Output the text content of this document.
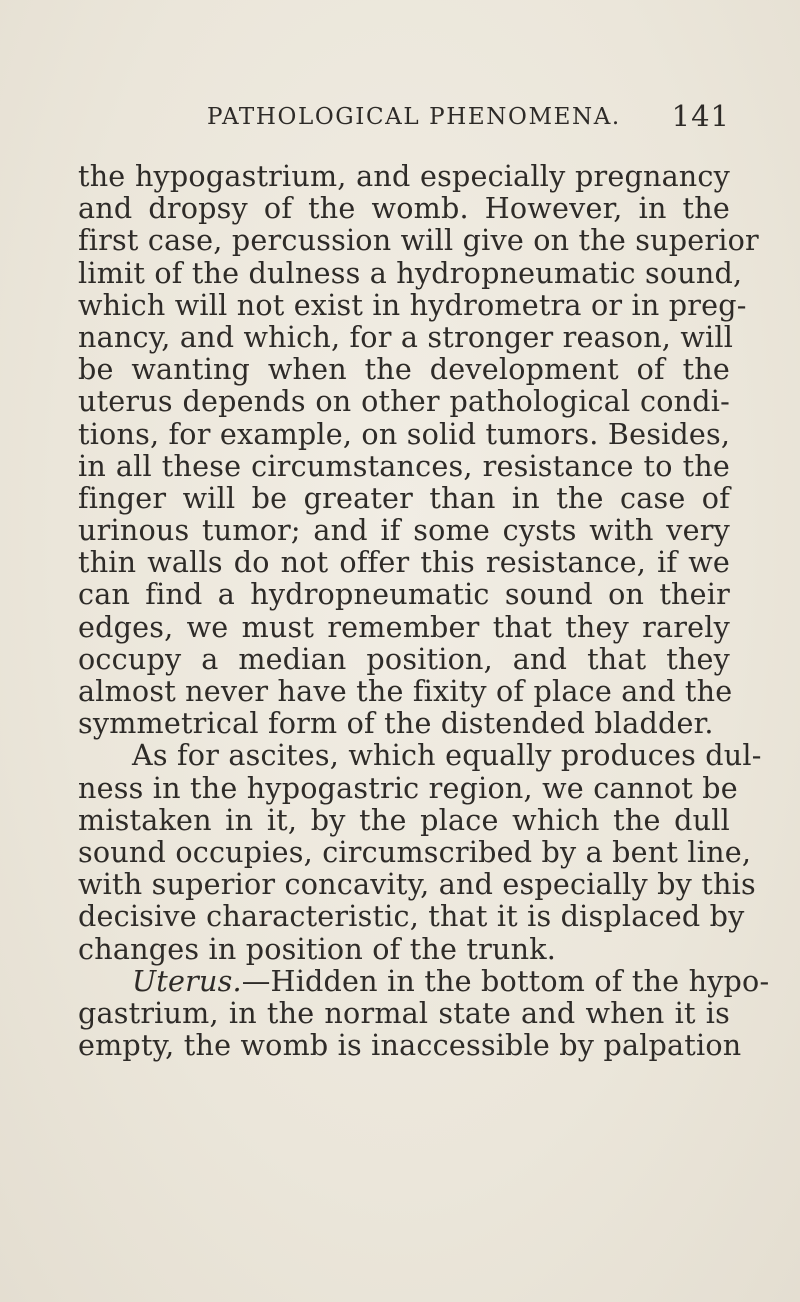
PATHOLOGICAL PHENOMENA. 141
the hypogastrium, and especially pregnancy
and dropsy of the womb. However, in the
first case, percussion will give on the superior
limit of the dulness a hydropneumatic sound,
which will not exist in hydrometra or in preg-
nancy, and which, for a stronger reason, will
be wanting when the development of the
uterus depends on other pathological condi-
tions, for example, on solid tumors. Besides,
in all these circumstances, resistance to the
finger will be greater than in the case of
urinous tumor; and if some cysts with very
thin walls do not offer this resistance, if we
can find a hydropneumatic sound on their
edges, we must remember that they rarely
occupy a median position, and that they
almost never have the fixity of place and the
symmetrical form of the distended bladder.
As for ascites, which equally produces dul-
ness in the hypogastric region, we cannot be
mistaken in it, by the place which the dull
sound occupies, circumscribed by a bent line,
with superior concavity, and especially by this
decisive characteristic, that it is displaced by
changes in position of the trunk.
Uterus.—Hidden in the bottom of the hypo-
gastrium, in the normal state and when it is
empty, the womb is inaccessible by palpation
